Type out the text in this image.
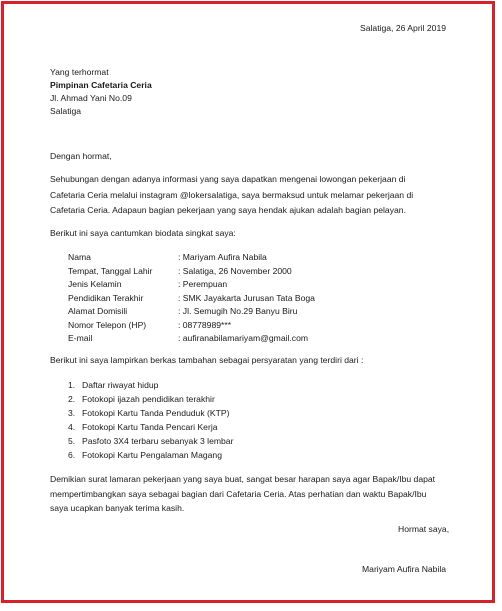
Salatiga, 26 April 2019
Yang terhormat
Pimpinan Cafetaria Ceria
Jl. Ahmad Yani No.09
Salatiga
Dengan hormat,
Sehubungan dengan adanya informasi yang saya dapatkan mengenai lowongan pekerjaan di
Cafetaria Ceria melalui instagram @lokersalatiga, saya bermaksud untuk melamar pekerjaan di
Cafetaria Ceria. Adapaun bagian pekerjaan yang saya hendak ajukan adalah bagian pelayan.
Berikut ini saya cantumkan biodata singkat saya:
Nama	: Mariyam Aufira Nabila
Tempat, Tanggal Lahir	: Salatiga, 26 November 2000
Jenis Kelamin	: Perempuan
Pendidikan Terakhir	: SMK Jayakarta Jurusan Tata Boga
Alamat Domisili	: Jl. Semugih No.29 Banyu Biru
Nomor Telepon (HP)	: 08778989***
E-mail	: aufiranabilamariyam@gmail.com
Berikut ini saya lampirkan berkas tambahan sebagai persyaratan yang terdiri dari :
1. Daftar riwayat hidup
2. Fotokopi ijazah pendidikan terakhir
3. Fotokopi Kartu Tanda Penduduk (KTP)
4. Fotokopi Kartu Tanda Pencari Kerja
5. Pasfoto 3X4 terbaru sebanyak 3 lembar
6. Fotokopi Kartu Pengalaman Magang
Demikian surat lamaran pekerjaan yang saya buat, sangat besar harapan saya agar Bapak/Ibu dapat
mempertimbangkan saya sebagai bagian dari Cafetaria Ceria. Atas perhatian dan waktu Bapak/Ibu
saya ucapkan banyak terima kasih.
Hormat saya,
Mariyam Aufira Nabila
